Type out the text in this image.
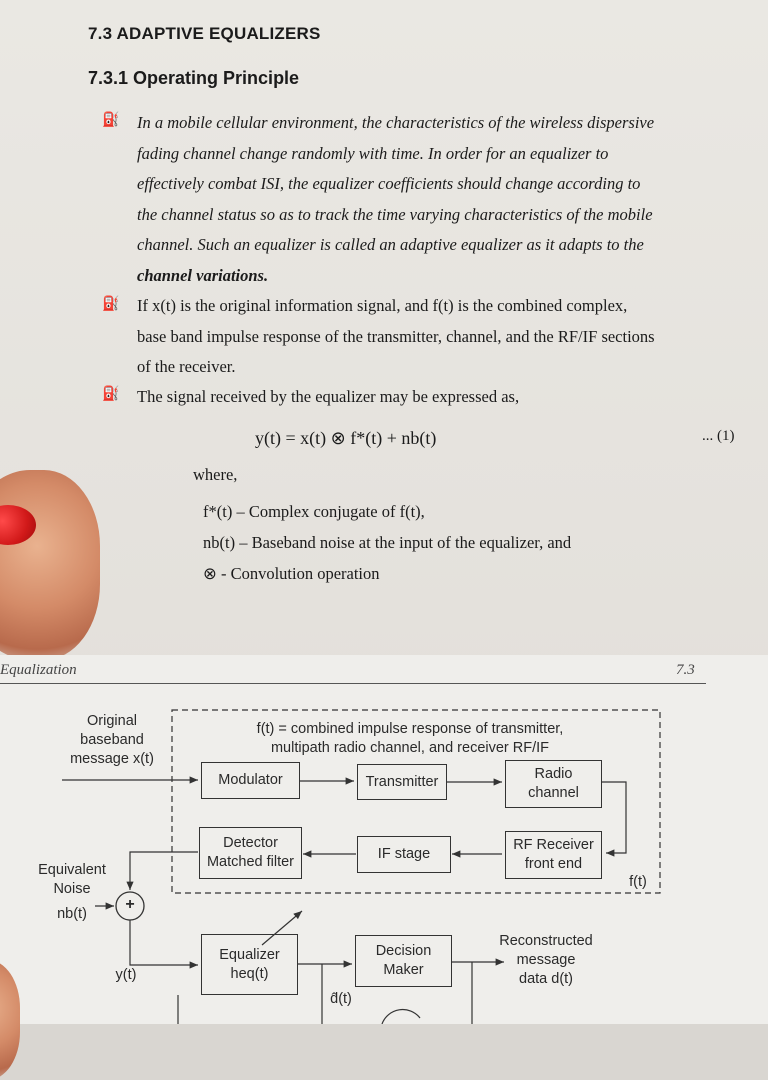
7.3 ADAPTIVE EQUALIZERS
7.3.1 Operating Principle
⛽ In a mobile cellular environment, the characteristics of the wireless dispersive
fading channel change randomly with time. In order for an equalizer to
effectively combat ISI, the equalizer coefficients should change according to
the channel status so as to track the time varying characteristics of the mobile
channel. Such an equalizer is called an adaptive equalizer as it adapts to the
channel variations.
⛽ If x(t) is the original information signal, and f(t) is the combined complex,
base band impulse response of the transmitter, channel, and the RF/IF sections
of the receiver.
⛽ The signal received by the equalizer may be expressed as,
y(t) = x(t) ⊗ f*(t) + nb(t)	... (1)
where,
f*(t) – Complex conjugate of f(t),
nb(t) – Baseband noise at the input of the equalizer, and
⊗ - Convolution operation
Equalization	7.3
Original
baseband
message x(t)
f(t) = combined impulse response of transmitter,
multipath radio channel, and receiver RF/IF
Modulator	Transmitter	Radio
channel
Detector
Matched filter	IF stage
RF Receiver
front end
f(t)
Equivalent
Noise
nb(t)
+
Equalizer
heq(t)
Decision
Maker
y(t)
d̂(t)
Reconstructed
message
data d(t)
